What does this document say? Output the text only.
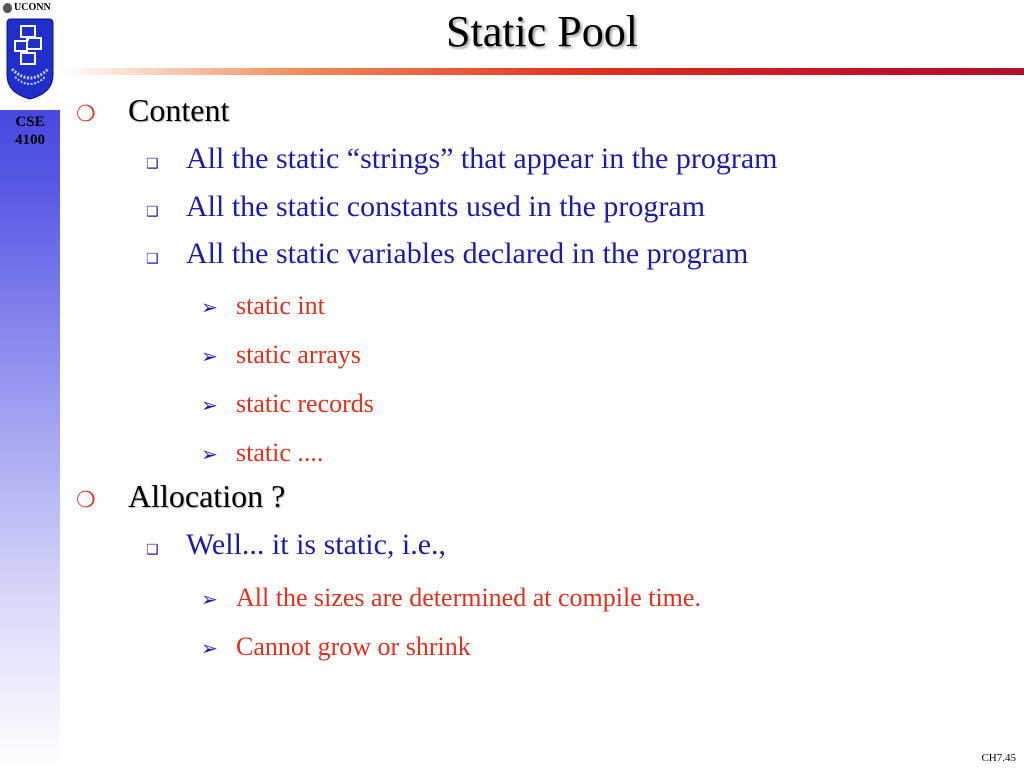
UCONN
CSE
4100
Static Pool
❍	Content
❑ All the static “strings” that appear in the program
❑ All the static constants used in the program
❑ All the static variables declared in the program
➢ static int
➢ static arrays
➢ static records
➢ static ....
❍	Allocation ?
❑ Well... it is static, i.e.,
➢ All the sizes are determined at compile time.
➢ Cannot grow or shrink
CH7.45
